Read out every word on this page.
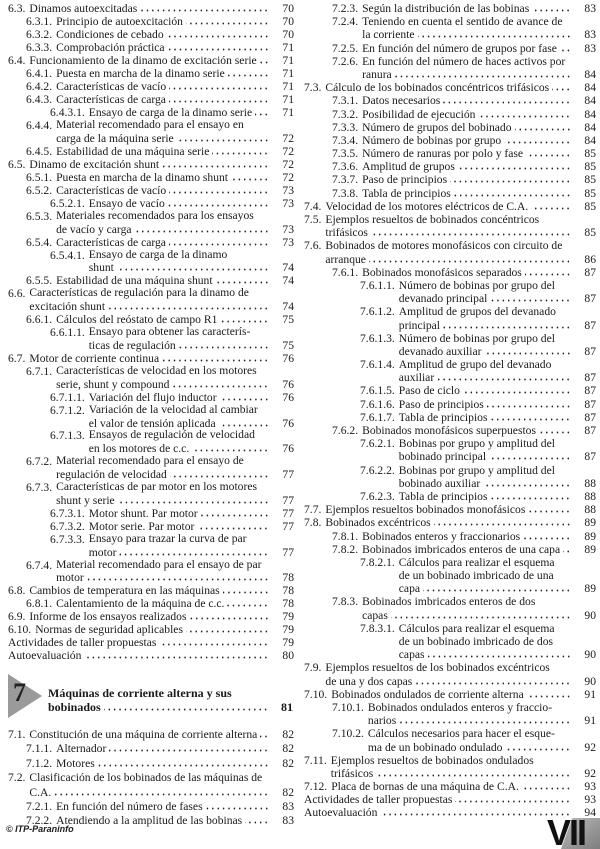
6.3. Dinamos autoexcitadas	70
6.3.1. Principio de autoexcitación	70
6.3.2. Condiciones de cebado	70
6.3.3. Comprobación práctica	71
6.4. Funcionamiento de la dinamo de excitación serie	71
6.4.1. Puesta en marcha de la dinamo serie	71
6.4.2. Características de vacío	71
6.4.3. Características de carga	71
6.4.3.1. Ensayo de carga de la dinamo serie	71
6.4.4. Material recomendado para el ensayo en
carga de la máquina serie	72
6.4.5. Estabilidad de una máquina serie	72
6.5. Dinamo de excitación shunt	72
6.5.1. Puesta en marcha de la dinamo shunt	72
6.5.2. Características de vacío	73
6.5.2.1. Ensayo de vacío	73
6.5.3. Materiales recomendados para los ensayos
de vacío y carga	73
6.5.4. Características de carga	73
6.5.4.1. Ensayo de carga de la dinamo
shunt	74
6.5.5. Estabilidad de una máquina shunt	74
6.6. Características de regulación para la dinamo de
excitación shunt	74
6.6.1. Cálculos del reóstato de campo R1	75
6.6.1.1. Ensayo para obtener las caracterís-
ticas de regulación	75
6.7. Motor de corriente continua	76
6.7.1. Características de velocidad en los motores
serie, shunt y compound	76
6.7.1.1. Variación del flujo inductor	76
6.7.1.2. Variación de la velocidad al cambiar
el valor de tensión aplicada	76
6.7.1.3. Ensayos de regulación de velocidad
en los motores de c.c.	76
6.7.2. Material recomendado para el ensayo de
regulación de velocidad	77
6.7.3. Características de par motor en los motores
shunt y serie	77
6.7.3.1. Motor shunt. Par motor	77
6.7.3.2. Motor serie. Par motor	77
6.7.3.3. Ensayo para trazar la curva de par
motor	77
6.7.4. Material recomendado para el ensayo de par
motor	78
6.8. Cambios de temperatura en las máquinas	78
6.8.1. Calentamiento de la máquina de c.c.	78
6.9. Informe de los ensayos realizados	79
6.10. Normas de seguridad aplicables	79
Actividades de taller propuestas	79
Autoevaluación	80
7 Máquinas de corriente alterna y sus
bobinados	81
7.1. Constitución de una máquina de corriente alterna	82
7.1.1. Alternador	82
7.1.2. Motores	82
7.2. Clasificación de los bobinados de las máquinas de
C.A.	82
7.2.1. En función del número de fases	83
7.2.2. Atendiendo a la amplitud de las bobinas	83
7.2.3. Según la distribución de las bobinas	83
7.2.4. Teniendo en cuenta el sentido de avance de
la corriente	83
7.2.5. En función del número de grupos por fase	83
7.2.6. En función del número de haces activos por
ranura	84
7.3. Cálculo de los bobinados concéntricos trifásicos	84
7.3.1. Datos necesarios	84
7.3.2. Posibilidad de ejecución	84
7.3.3. Número de grupos del bobinado	84
7.3.4. Número de bobinas por grupo	84
7.3.5. Número de ranuras por polo y fase	85
7.3.6. Amplitud de grupos	85
7.3.7. Paso de principios	85
7.3.8. Tabla de principios	85
7.4. Velocidad de los motores eléctricos de C.A.	85
7.5. Ejemplos resueltos de bobinados concéntricos
trifásicos	85
7.6. Bobinados de motores monofásicos con circuito de
arranque	86
7.6.1. Bobinados monofásicos separados	87
7.6.1.1. Número de bobinas por grupo del
devanado principal	87
7.6.1.2. Amplitud de grupos del devanado
principal	87
7.6.1.3. Número de bobinas por grupo del
devanado auxiliar	87
7.6.1.4. Amplitud de grupo del devanado
auxiliar	87
7.6.1.5. Paso de ciclo	87
7.6.1.6. Paso de principios	87
7.6.1.7. Tabla de principios	87
7.6.2. Bobinados monofásicos superpuestos	87
7.6.2.1. Bobinas por grupo y amplitud del
bobinado principal	87
7.6.2.2. Bobinas por grupo y amplitud del
bobinado auxiliar	88
7.6.2.3. Tabla de principios	88
7.7. Ejemplos resueltos bobinados monofásicos	88
7.8. Bobinados excéntricos	89
7.8.1. Bobinados enteros y fraccionarios	89
7.8.2. Bobinados imbricados enteros de una capa	89
7.8.2.1. Cálculos para realizar el esquema
de un bobinado imbricado de una
capa	89
7.8.3. Bobinados imbricados enteros de dos
capas	90
7.8.3.1. Cálculos para realizar el esquema
de un bobinado imbricado de dos
capas	90
7.9. Ejemplos resueltos de los bobinados excéntricos
de una y dos capas	90
7.10. Bobinados ondulados de corriente alterna	91
7.10.1. Bobinados ondulados enteros y fraccio-
narios	91
7.10.2. Cálculos necesarios para hacer el esque-
ma de un bobinado ondulado	92
7.11. Ejemplos resueltos de bobinados ondulados
trifásicos	92
7.12. Placa de bornas de una máquina de C.A.	93
Actividades de taller propuestas	93
Autoevaluación	94
© ITP-Paraninfo	VII
